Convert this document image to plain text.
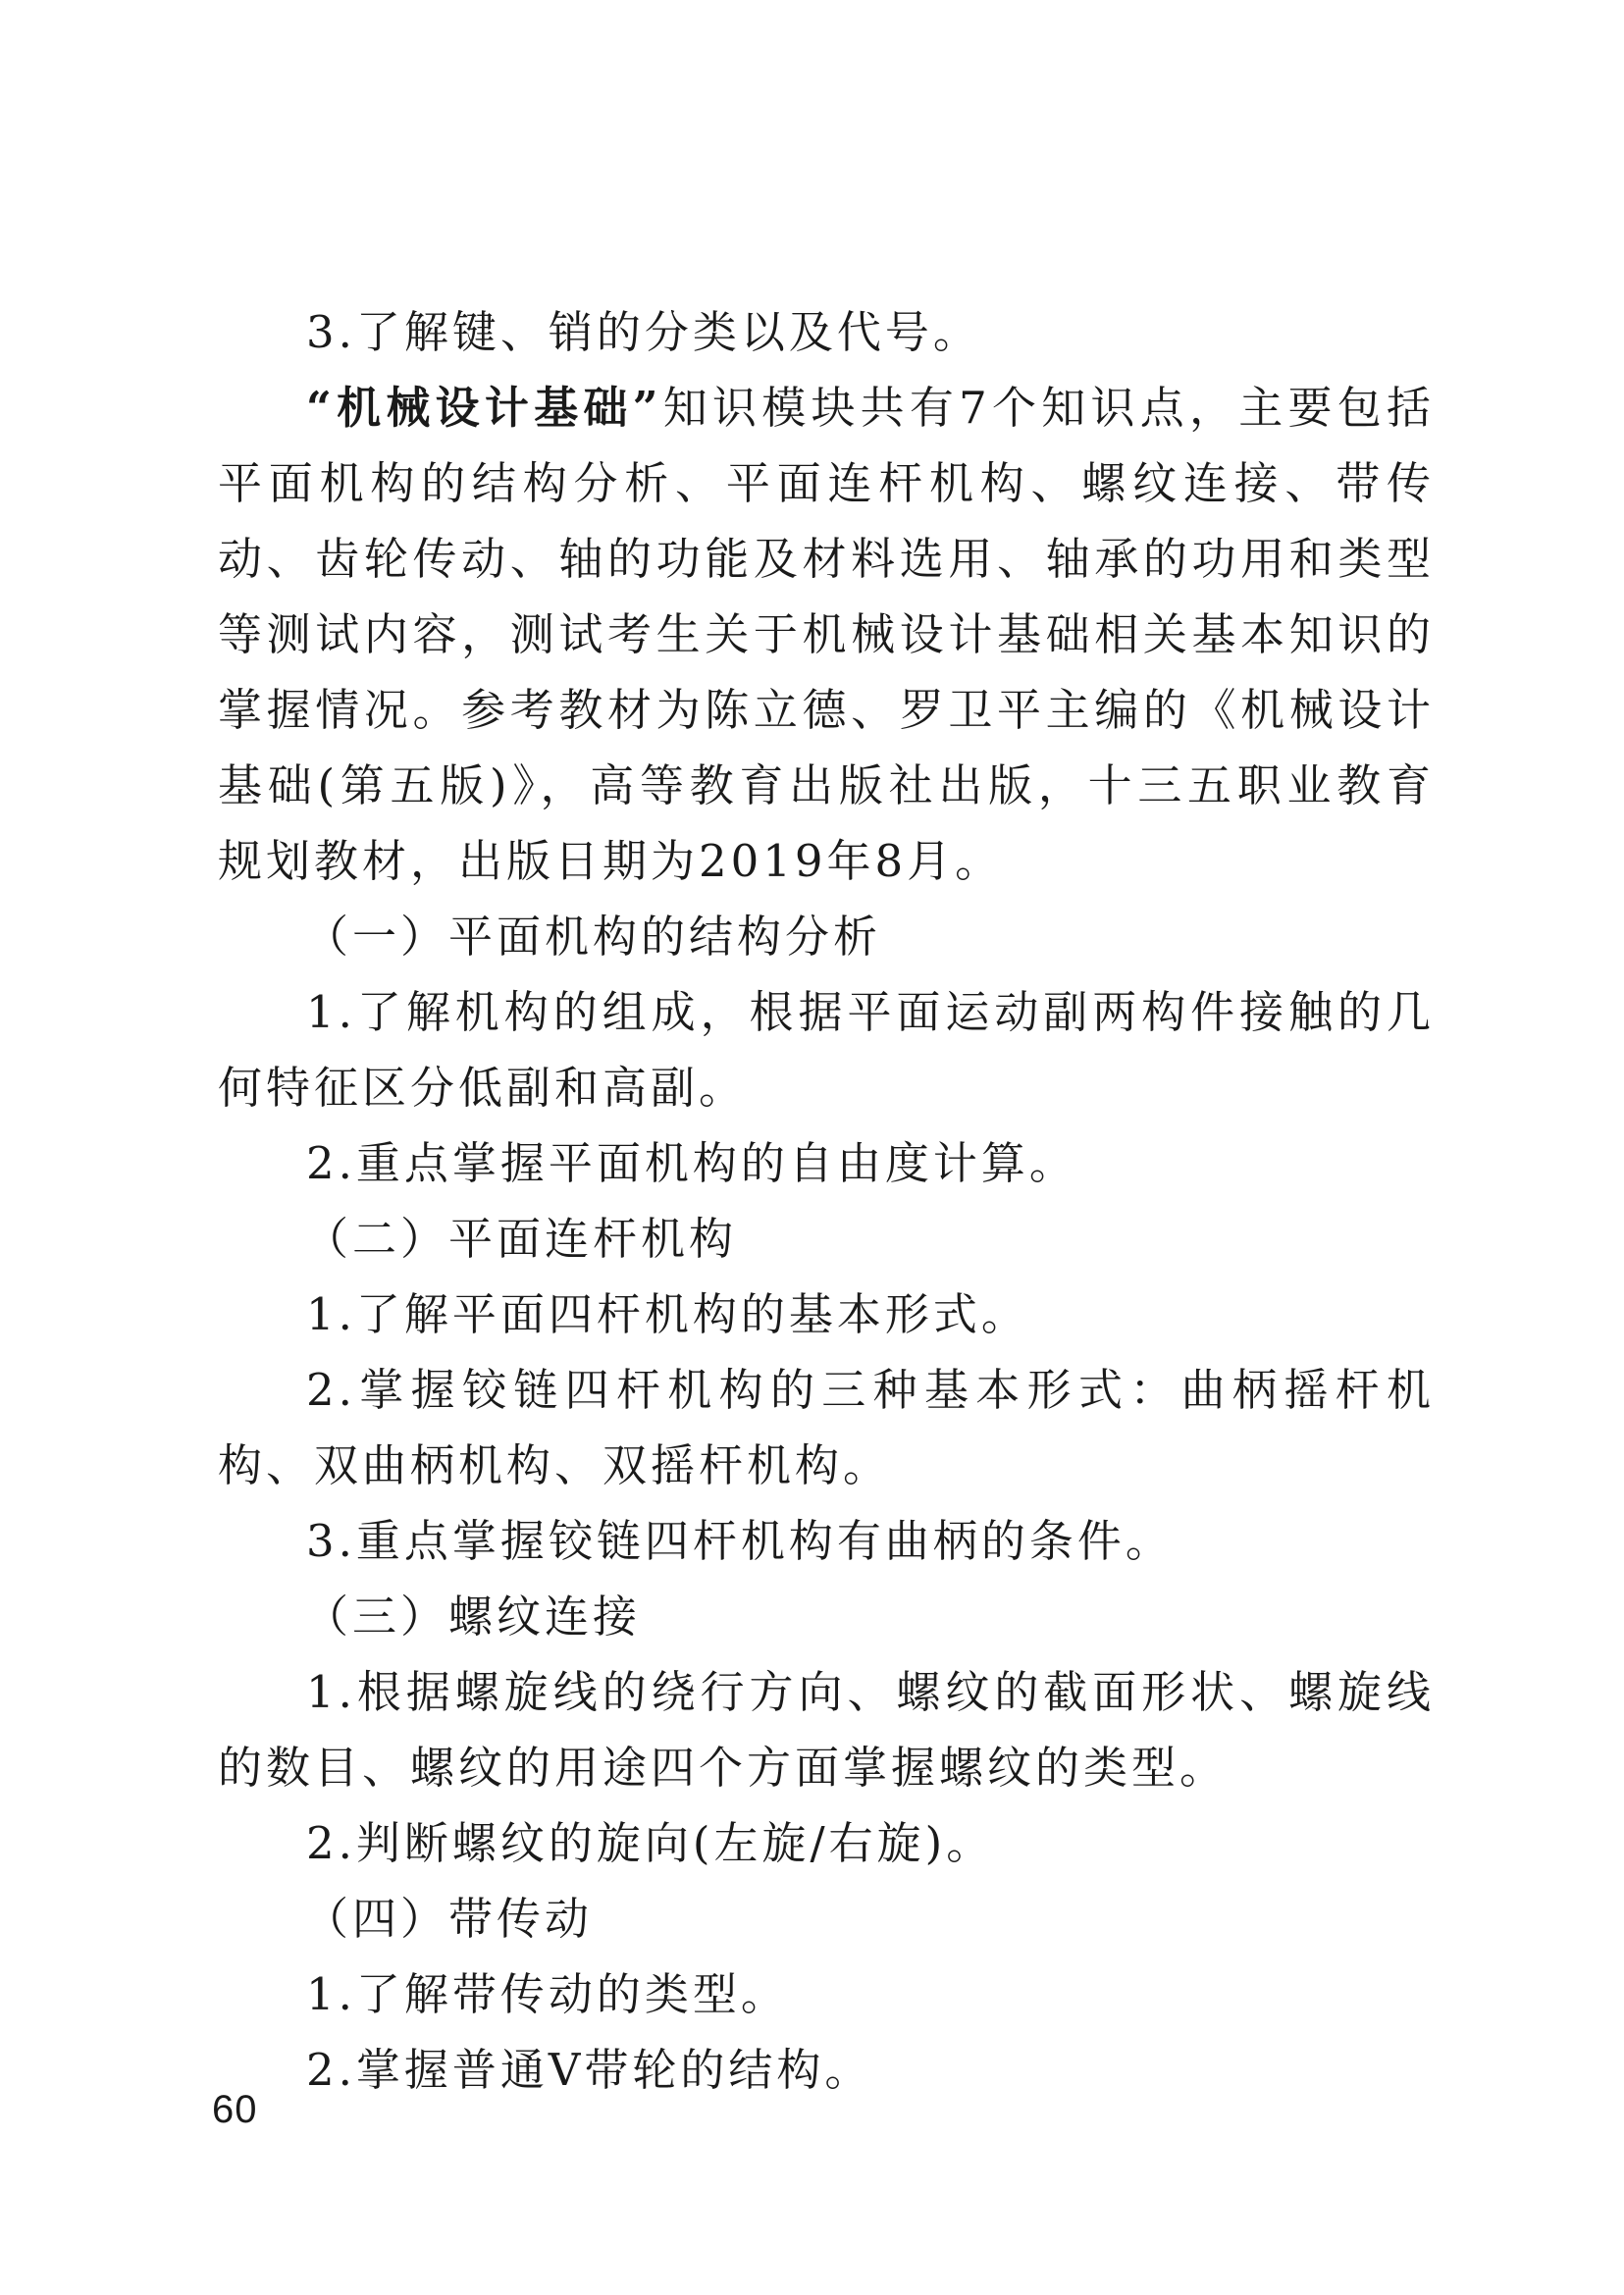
3.了解键、销的分类以及代号。

“机械设计基础”知识模块共有7个知识点，主要包括平面机构的结构分析、平面连杆机构、螺纹连接、带传动、齿轮传动、轴的功能及材料选用、轴承的功用和类型等测试内容，测试考生关于机械设计基础相关基本知识的掌握情况。参考教材为陈立德、罗卫平主编的《机械设计基础(第五版)》，高等教育出版社出版，十三五职业教育规划教材，出版日期为2019年8月。

（一）平面机构的结构分析

1.了解机构的组成，根据平面运动副两构件接触的几何特征区分低副和高副。

2.重点掌握平面机构的自由度计算。

（二）平面连杆机构

1.了解平面四杆机构的基本形式。

2.掌握铰链四杆机构的三种基本形式：曲柄摇杆机构、双曲柄机构、双摇杆机构。

3.重点掌握铰链四杆机构有曲柄的条件。

（三）螺纹连接

1.根据螺旋线的绕行方向、螺纹的截面形状、螺旋线的数目、螺纹的用途四个方面掌握螺纹的类型。

2.判断螺纹的旋向(左旋/右旋)。

（四）带传动

1.了解带传动的类型。

2.掌握普通V带轮的结构。

60
